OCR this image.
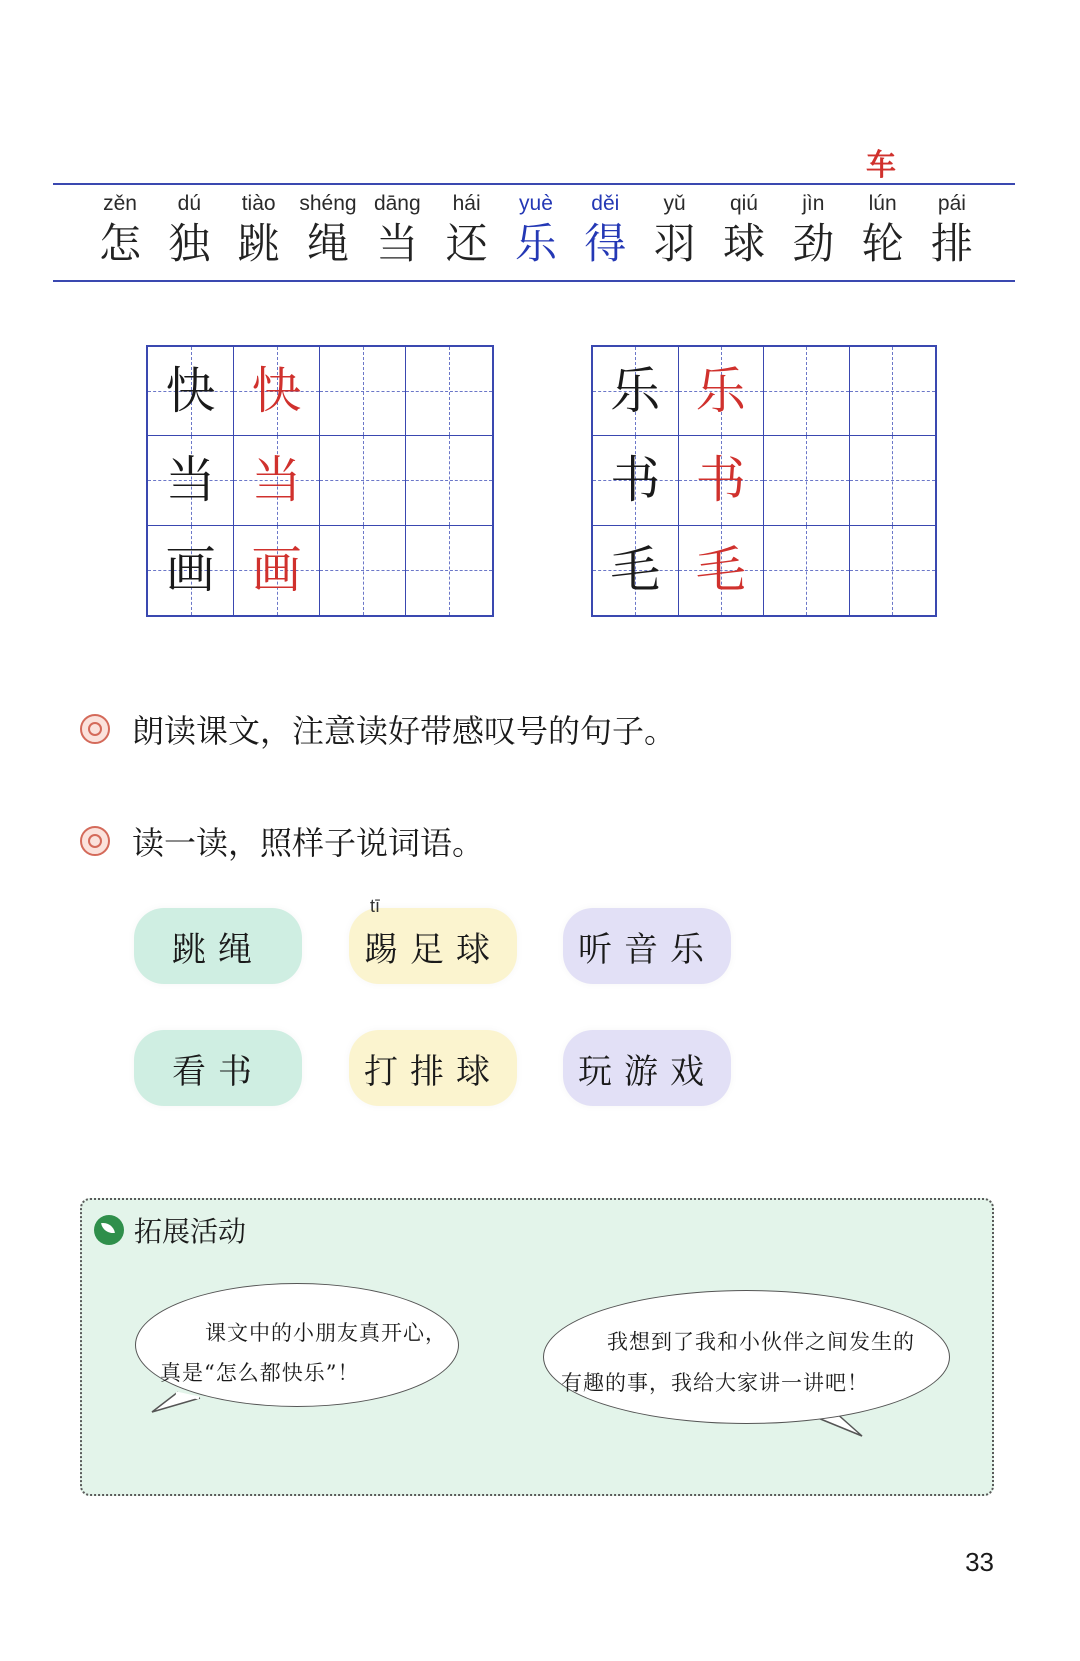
车
zěn
怎
dú
独
tiào
跳
shéng
绳
dāng
当
hái
还
yuè
乐
děi
得
yǔ
羽
qiú
球
jìn
劲
lún
轮
pái
排
快 快
当 当
画 画
乐 乐
书 书
毛 毛
朗读课文，注意读好带感叹号的句子。
读一读，照样子说词语。
跳绳
tī
踢足球 听音乐
看书	打排球 玩游戏
拓展活动
课文中的小朋友真开心，
真是“怎么都快乐”！
我想到了我和小伙伴之间发生的
有趣的事，我给大家讲一讲吧！
33
